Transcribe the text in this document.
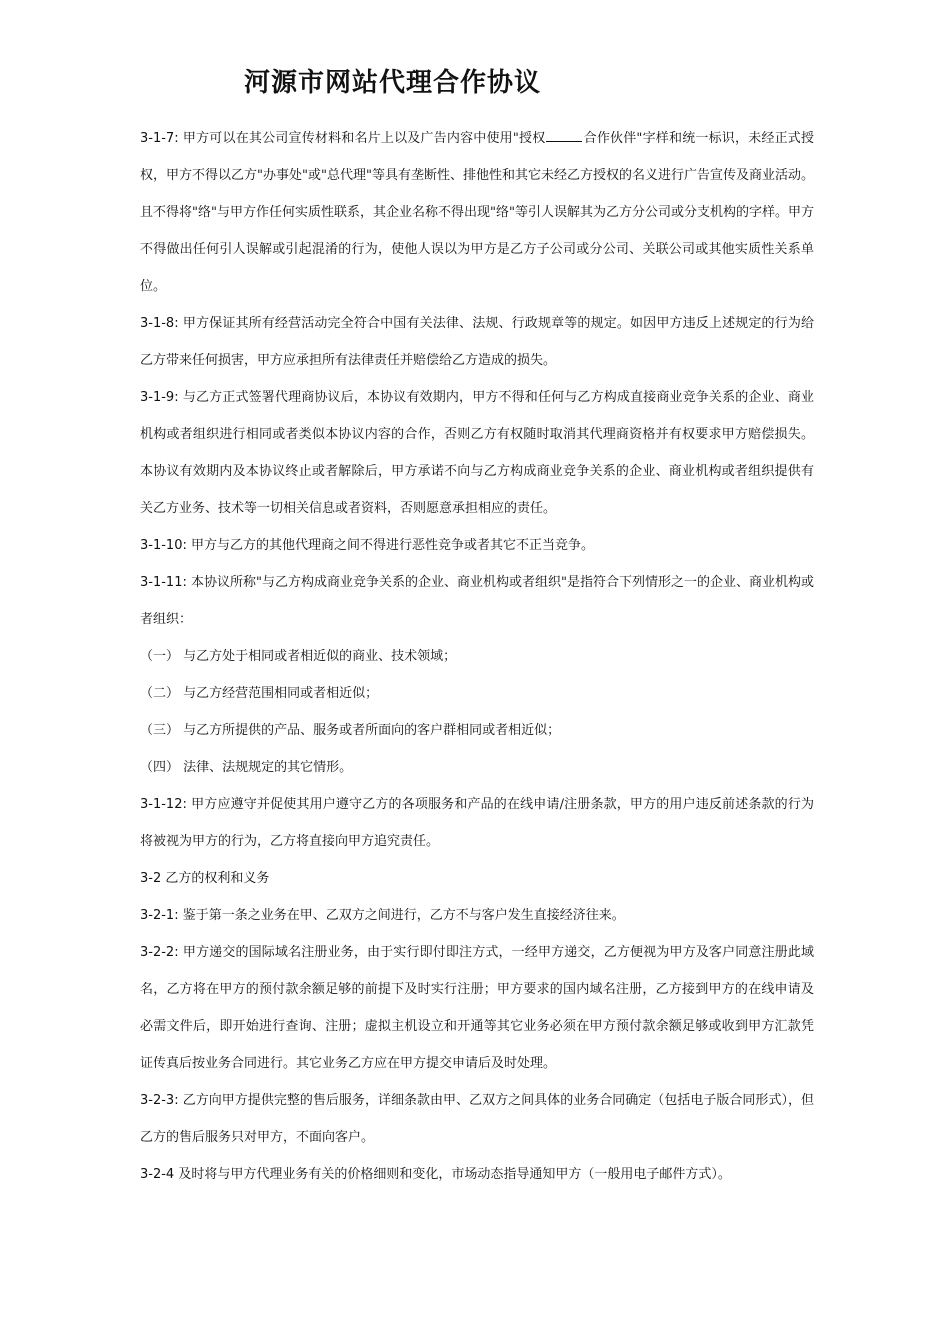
河源市网站代理合作协议

3-1-7: 甲方可以在其公司宣传材料和名片上以及广告内容中使用"授权	合作伙伴"字样和统一标识，未经正式授权，甲方不得以乙方"办事处"或"总代理"等具有垄断性、排他性和其它未经乙方授权的名义进行广告宣传及商业活动。且不得将"络"与甲方作任何实质性联系，其企业名称不得出现"络"等引人误解其为乙方分公司或分支机构的字样。甲方不得做出任何引人误解或引起混淆的行为，使他人误以为甲方是乙方子公司或分公司、关联公司或其他实质性关系单位。

3-1-8: 甲方保证其所有经营活动完全符合中国有关法律、法规、行政规章等的规定。如因甲方违反上述规定的行为给乙方带来任何损害，甲方应承担所有法律责任并赔偿给乙方造成的损失。

3-1-9: 与乙方正式签署代理商协议后，本协议有效期内，甲方不得和任何与乙方构成直接商业竞争关系的企业、商业机构或者组织进行相同或者类似本协议内容的合作，否则乙方有权随时取消其代理商资格并有权要求甲方赔偿损失。本协议有效期内及本协议终止或者解除后，甲方承诺不向与乙方构成商业竞争关系的企业、商业机构或者组织提供有关乙方业务、技术等一切相关信息或者资料，否则愿意承担相应的责任。

3-1-10: 甲方与乙方的其他代理商之间不得进行恶性竞争或者其它不正当竞争。

3-1-11: 本协议所称"与乙方构成商业竞争关系的企业、商业机构或者组织"是指符合下列情形之一的企业、商业机构或者组织：

（一） 与乙方处于相同或者相近似的商业、技术领域；

（二） 与乙方经营范围相同或者相近似；

（三） 与乙方所提供的产品、服务或者所面向的客户群相同或者相近似；

（四） 法律、法规规定的其它情形。

3-1-12: 甲方应遵守并促使其用户遵守乙方的各项服务和产品的在线申请/注册条款，甲方的用户违反前述条款的行为将被视为甲方的行为，乙方将直接向甲方追究责任。

3-2 乙方的权利和义务

3-2-1: 鉴于第一条之业务在甲、乙双方之间进行，乙方不与客户发生直接经济往来。

3-2-2: 甲方递交的国际域名注册业务，由于实行即付即注方式，一经甲方递交，乙方便视为甲方及客户同意注册此域名，乙方将在甲方的预付款余额足够的前提下及时实行注册；甲方要求的国内域名注册，乙方接到甲方的在线申请及必需文件后，即开始进行查询、注册；虚拟主机设立和开通等其它业务必须在甲方预付款余额足够或收到甲方汇款凭证传真后按业务合同进行。其它业务乙方应在甲方提交申请后及时处理。

3-2-3: 乙方向甲方提供完整的售后服务，详细条款由甲、乙双方之间具体的业务合同确定（包括电子版合同形式），但乙方的售后服务只对甲方，不面向客户。

3-2-4 及时将与甲方代理业务有关的价格细则和变化，市场动态指导通知甲方（一般用电子邮件方式）。
